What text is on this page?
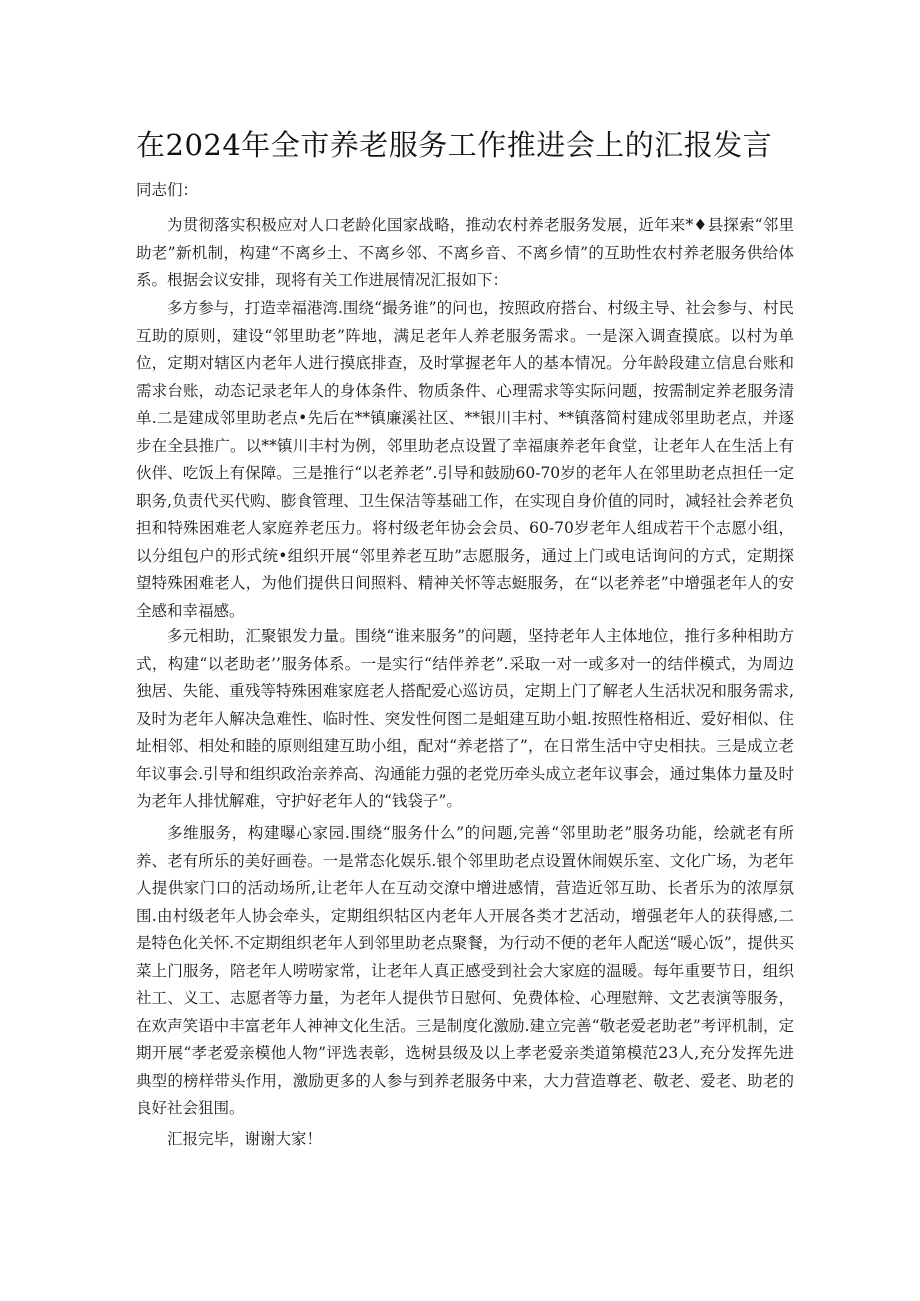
在2024年全市养老服务工作推进会上的汇报发言

同志们：

为贯彻落实积极应对人口老龄化国家战略，推动农村养老服务发展，近年来*♦县探索“邻里助老”新机制，构建“不离乡土、不离乡邻、不离乡音、不离乡情”的互助性农村养老服务供给体系。根据会议安排，现将有关工作进展情况汇报如下：

多方参与，打造幸福港湾.围绕“撮务谁”的问也，按照政府搭台、村级主导、社会参与、村民互助的原则，建设“邻里助老”阵地，满足老年人养老服务需求。一是深入调查摸底。以村为单位，定期对辖区内老年人进行摸底排查，及时掌握老年人的基本情况。分年龄段建立信息台账和需求台账，动态记录老年人的身体条件、物质条件、心理需求等实际问题，按需制定养老服务清单.二是建成邻里助老点•先后在**镇廉溪社区、**银川丰村、**镇落简村建成邻里助老点，并逐步在全县推广。以**镇川丰村为例，邻里助老点设置了幸福康养老年食堂，让老年人在生活上有伙伴、吃饭上有保障。三是推行“以老养老”.引导和鼓励60-70岁的老年人在邻里助老点担任一定职务,负责代买代购、膨食管理、卫生保洁等基础工作，在实现自身价值的同时，减轻社会养老负担和特殊困难老人家庭养老压力。将村级老年协会会员、60-70岁老年人组成若干个志愿小组，以分组包户的形式统•组织开展“邻里养老互助”志愿服务，通过上门或电话询问的方式，定期探望特殊困难老人，为他们提供日间照料、精神关怀等志蜓服务，在“以老养老”中增强老年人的安全感和幸福感。

多元相助，汇聚银发力量。围绕“谁来服务”的问题，坚持老年人主体地位，推行多种相助方式，构建“以老助老’’服务体系。一是实行“结伴养老”.采取一对一或多对一的结伴模式，为周边独居、失能、重残等特殊困难家庭老人搭配爱心巡访员，定期上门了解老人生活状况和服务需求,及时为老年人解决急难性、临时性、突发性何图二是蛆建互助小蛆.按照性格相近、爱好相似、住址相邻、相处和睦的原则组建互助小组，配对“养老搭了”，在日常生活中守史相扶。三是成立老年议事会.引导和组织政治亲养高、沟通能力强的老党历牵头成立老年议事会，通过集体力量及时为老年人排忧解难，守护好老年人的“钱袋子”。

多维服务，构建曝心家园.围绕“服务什么”的问题,完善“邻里助老”服务功能，绘就老有所养、老有所乐的美好画卷。一是常态化娱乐.银个邻里助老点设置休闹娱乐室、文化广场，为老年人提供家门口的活动场所,让老年人在互动交潦中增进感情，营造近邻互助、长者乐为的浓厚氛围.由村级老年人协会牵头，定期组织牯区内老年人开展各类才艺活动，增强老年人的获得感,二是特色化关怀.不定期组织老年人到邻里助老点聚餐，为行动不便的老年人配送“暖心饭”，提供买菜上门服务，陪老年人唠唠家常，让老年人真正感受到社会大家庭的温暖。每年重要节日，组织社工、义工、志愿者等力量，为老年人提供节日慰何、免费体检、心理慰辩、文艺表演等服务，在欢声笑语中丰富老年人神神文化生活。三是制度化激励.建立完善“敬老爱老助老”考评机制，定期开展“孝老爱亲模他人物”评选表彰，选树县级及以上孝老爱亲类道第模范23人,充分发挥先进典型的榜样带头作用，激励更多的人参与到养老服务中来，大力营造尊老、敬老、爱老、助老的良好社会狙围。

汇报完毕，谢谢大家！
